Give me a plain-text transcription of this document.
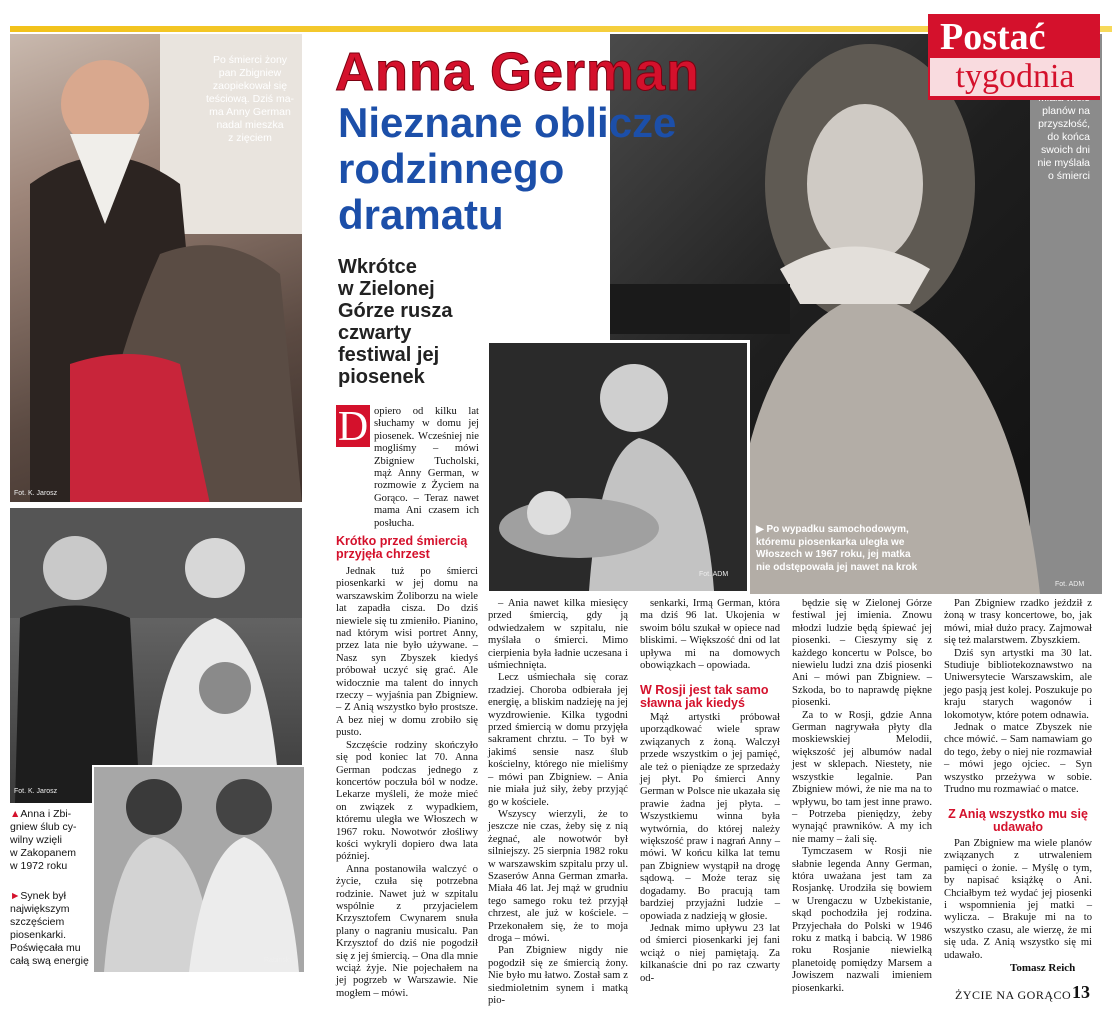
Po śmierci żony
pan Zbigniew
zaopiekował się
teściową. Dziś ma-
ma Anny German
nadal mieszka
z zięciem
Fot. K. Jarosz
Fot. K. Jarosz
Rabiński
▲Anna i Zbi-
gniew ślub cy-
wilny wzięli
w Zakopanem
w 1972 roku
►Synek był
największym
szczęściem
piosenkarki.
Poświęcała mu
całą swą energię
planów na
przyszłość,
do końca
swoich dni
nie myślała
o śmierci
Fot. ADM
Postać
tygodnia
Fot. ADM
▶ Po wypadku samochodowym,
któremu piosenkarka uległa we
Włoszech w 1967 roku, jej matka
nie odstępowała jej nawet na krok
Anna German
Nieznane oblicze
rodzinnego
dramatu
Wkrótce
w Zielonej
Górze rusza
czwarty
festiwal jej
piosenek
D opiero od kilku lat słuchamy w domu jej piosenek. Wcześniej nie mogliśmy – mówi Zbigniew Tucholski, mąż Anny German, w rozmowie z Życiem na Gorąco. – Teraz nawet mama Ani czasem ich posłucha.
Krótko przed śmiercią przyjęła chrzest

Jednak tuż po śmierci piosenkarki w jej domu na warszawskim Żoliborzu na wiele lat zapadła cisza. Do dziś niewiele się tu zmieniło. Pianino, nad którym wisi portret Anny, przez lata nie było używane. – Nasz syn Zbyszek kiedyś próbował uczyć się grać. Ale widocznie ma talent do innych rzeczy – wyjaśnia pan Zbigniew. – Z Anią wszystko było prostsze. A bez niej w domu zrobiło się pusto.

Szczęście rodziny skończyło się pod koniec lat 70. Anna German podczas jednego z koncertów poczuła ból w nodze. Lekarze myśleli, że może mieć on związek z wypadkiem, któremu uległa we Włoszech w 1967 roku. Nowotwór złośliwy kości wykryli dopiero dwa lata później.

Anna postanowiła walczyć o życie, czuła się potrzebna rodzinie. Nawet już w szpitalu wspólnie z przyjacielem Krzysztofem Cwynarem snuła plany o nagraniu musicalu. Pan Krzysztof do dziś nie pogodził się z jej śmiercią. – Ona dla mnie wciąż żyje. Nie pojechałem na jej pogrzeb w Warszawie. Nie mogłem – mówi.

– Ania nawet kilka miesięcy przed śmiercią, gdy ją odwiedzałem w szpitalu, nie myślała o śmierci. Mimo cierpienia była ładnie uczesana i uśmiechnięta.

Lecz uśmiechała się coraz rzadziej. Choroba odbierała jej energię, a bliskim nadzieję na jej wyzdrowienie. Kilka tygodni przed śmiercią w domu przyjęła sakrament chrztu. – To był w jakimś sensie nasz ślub kościelny, którego nie mieliśmy – mówi pan Zbigniew. – Ania nie miała już siły, żeby przyjąć go w kościele.

Wszyscy wierzyli, że to jeszcze nie czas, żeby się z nią żegnać, ale nowotwór był silniejszy. 25 sierpnia 1982 roku w warszawskim szpitalu przy ul. Szaserów Anna German zmarła. Miała 46 lat. Jej mąż w grudniu tego samego roku też przyjął chrzest, ale już w kościele. – Przekonałem się, że to moja droga – mówi.

Pan Zbigniew nigdy nie pogodził się ze śmiercią żony. Nie było mu łatwo. Został sam z siedmioletnim synem i matką pio-

senkarki, Irmą German, która ma dziś 96 lat. Ukojenia w swoim bólu szukał w opiece nad bliskimi. – Większość dni od lat upływa mi na domowych obowiązkach – opowiada.

W Rosji jest tak samo sławna jak kiedyś

Mąż artystki próbował uporządkować wiele spraw związanych z żoną. Walczył przede wszystkim o jej pamięć, ale też o pieniądze ze sprzedaży jej płyt. Po śmierci Anny German w Polsce nie ukazała się prawie żadna jej płyta. – Wszystkiemu winna była wytwórnia, do której należy większość praw i nagrań Anny – mówi. W końcu kilka lat temu pan Zbigniew wystąpił na drogę sądową. – Może teraz się dogadamy. Bo pracują tam bardziej przyjaźni ludzie – opowiada z nadzieją w głosie.

Jednak mimo upływu 23 lat od śmierci piosenkarki jej fani wciąż o niej pamiętają. Za kilkanaście dni po raz czwarty od-

będzie się w Zielonej Górze festiwal jej imienia. Znowu młodzi ludzie będą śpiewać jej piosenki. – Cieszymy się z każdego koncertu w Polsce, bo niewielu ludzi zna dziś piosenki Ani – mówi pan Zbigniew. – Szkoda, bo to naprawdę piękne piosenki.

Za to w Rosji, gdzie Anna German nagrywała płyty dla moskiewskiej Melodii, większość jej albumów nadal jest w sklepach. Niestety, nie wszystkie legalnie. Pan Zbigniew mówi, że nie ma na to wpływu, bo tam jest inne prawo. – Potrzeba pieniędzy, żeby wynająć prawników. A my ich nie mamy – żali się.

Tymczasem w Rosji nie słabnie legenda Anny German, która uważana jest tam za Rosjankę. Urodziła się bowiem w Urengaczu w Uzbekistanie, skąd pochodziła jej rodzina. Przyjechała do Polski w 1946 roku z matką i babcią. W 1986 roku Rosjanie niewielką planetoidę pomiędzy Marsem a Jowiszem nazwali imieniem piosenkarki.

Pan Zbigniew rzadko jeździł z żoną w trasy koncertowe, bo, jak mówi, miał dużo pracy. Zajmował się też malarstwem. Zbyszkiem.

Dziś syn artystki ma 30 lat. Studiuje bibliotekoznawstwo na Uniwersytecie Warszawskim, ale jego pasją jest kolej. Poszukuje po kraju starych wagonów i lokomotyw, które potem odnawia.

Jednak o matce Zbyszek nie chce mówić. – Sam namawiam go do tego, żeby o niej nie rozmawiał – mówi jego ojciec. – Syn wszystko przeżywa w sobie. Trudno mu rozmawiać o matce.

Z Anią wszystko mu się udawało

Pan Zbigniew ma wiele planów związanych z utrwaleniem pamięci o żonie. – Myślę o tym, by napisać książkę o Ani. Chciałbym też wydać jej piosenki i wspomnienia jej matki – wylicza. – Brakuje mi na to wszystko czasu, ale wierzę, że mi się uda. Z Anią wszystko się mi udawało.

Tomasz Reich
ŻYCIE NA GORĄCO 13
